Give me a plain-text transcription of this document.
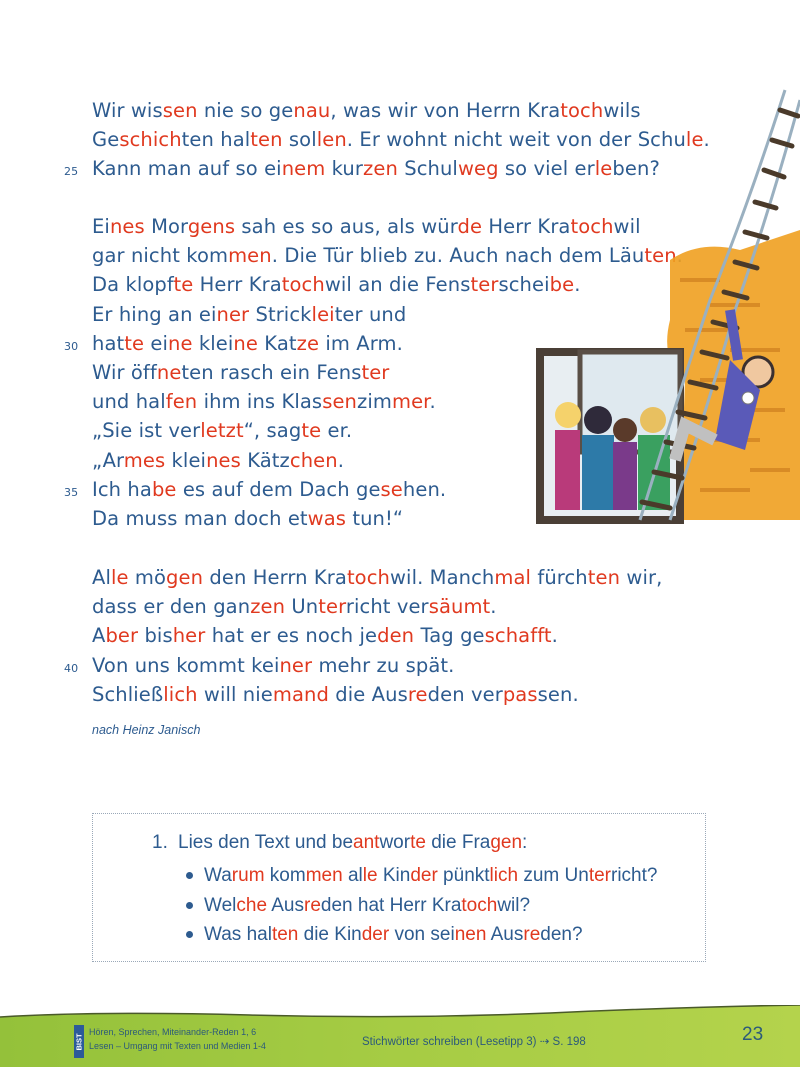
Wir wissen nie so genau, was wir von Herrn Kratochwils
Geschichten halten sollen. Er wohnt nicht weit von der Schule.
25 Kann man auf so einem kurzen Schulweg so viel erleben?
Eines Morgens sah es so aus, als würde Herr Kratochwil
gar nicht kommen. Die Tür blieb zu. Auch nach dem Läuten
Da klopfte Herr Kratochwil an die Fensterscheibe.
Er hing an einer Strickleiter und
30 hatte eine kleine Katze im Arm.
Wir öffneten rasch ein Fenster
und halfen ihm ins Klassenzimmer.
„Sie ist verletzt“, sagte er.
„Armes kleines Kätzchen.
35 Ich habe es auf dem Dach gesehen.
Da muss man doch etwas tun!“
Alle mögen den Herrn Kratochwil. Manchmal fürchten wir,
dass er den ganzen Unterricht versäumt.
Aber bisher hat er es noch jeden Tag geschafft.
40 Von uns kommt keiner mehr zu spät.
Schließlich will niemand die Ausreden verpassen.
nach Heinz Janisch
1. Lies den Text und beantworte die Fragen:
Warum kommen alle Kinder pünktlich zum Unterricht?
Welche Ausreden hat Herr Kratochwil?
Was halten die Kinder von seinen Ausreden?
BIST
Hören, Sprechen, Miteinander-Reden 1, 6
Lesen – Umgang mit Texten und Medien 1-4	Stichwörter schreiben (Lesetipp 3) ⇢ S. 198	23
